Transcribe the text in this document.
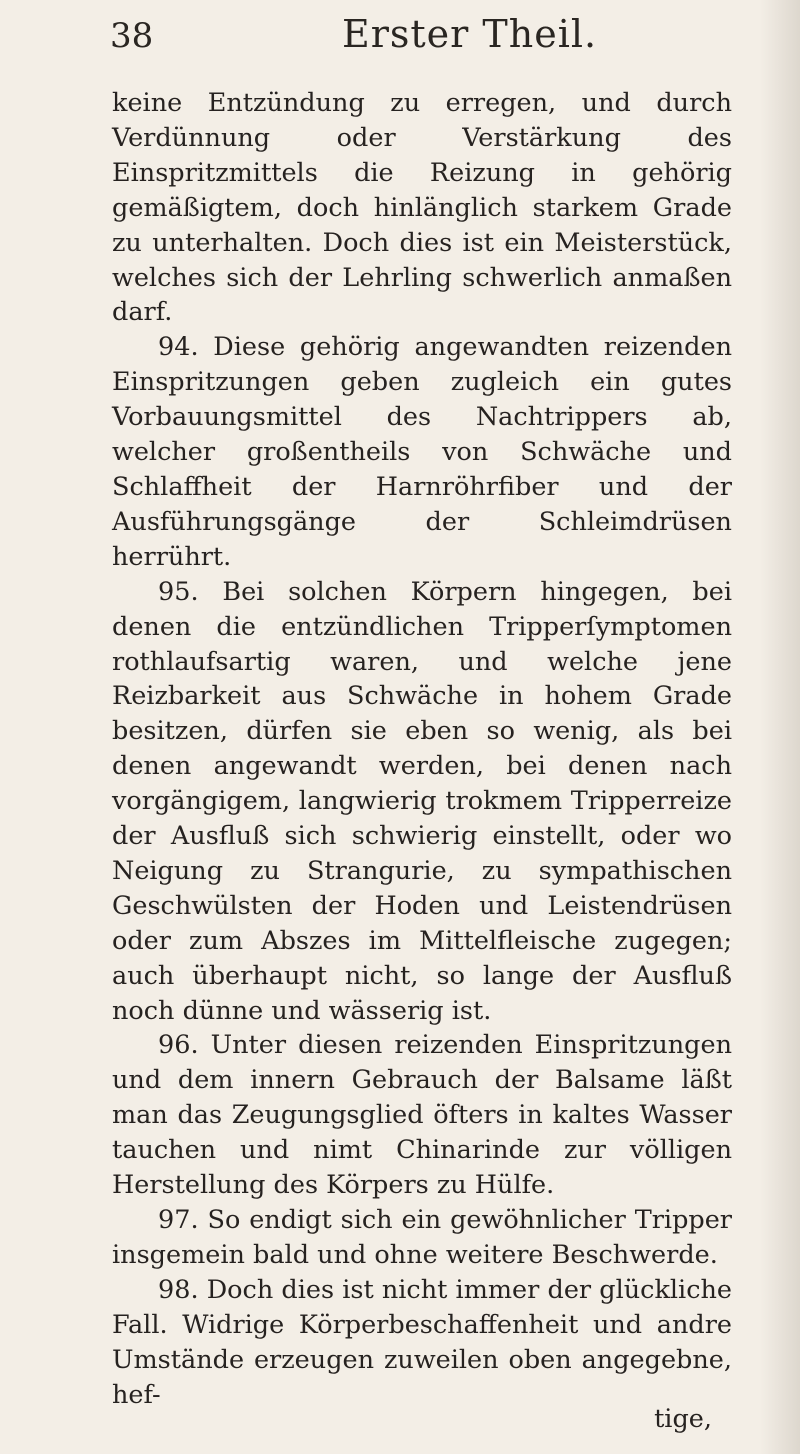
38	Erster Theil.

keine Entzündung zu erregen, und durch Verdünnung oder Verstärkung des Einspritzmittels die Reizung in gehörig gemäßigtem, doch hinlänglich starkem Grade zu unterhalten. Doch dies ist ein Meisterstück, welches sich der Lehrling schwerlich anmaßen darf.

94. Diese gehörig angewandten reizenden Einspritzungen geben zugleich ein gutes Vorbauungsmittel des Nachtrippers ab, welcher großentheils von Schwäche und Schlaffheit der Harnröhrfiber und der Ausführungsgänge der Schleimdrüsen herrührt.

95. Bei solchen Körpern hingegen, bei denen die entzündlichen Tripperſymptomen rothlaufsartig waren, und welche jene Reizbarkeit aus Schwäche in hohem Grade besitzen, dürfen sie eben so wenig, als bei denen angewandt werden, bei denen nach vorgängigem, langwierig trokmem Tripperreize der Ausfluß sich schwierig einstellt, oder wo Neigung zu Strangurie, zu sympathischen Geschwülsten der Hoden und Leistendrüsen oder zum Abszes im Mittelfleische zugegen; auch überhaupt nicht, so lange der Ausfluß noch dünne und wässerig ist.

96. Unter diesen reizenden Einspritzungen und dem innern Gebrauch der Balsame läßt man das Zeugungsglied öfters in kaltes Wasser tauchen und nimt Chinarinde zur völligen Herstellung des Körpers zu Hülfe.

97. So endigt sich ein gewöhnlicher Tripper insgemein bald und ohne weitere Beschwerde.

98. Doch dies ist nicht immer der glückliche Fall. Widrige Körperbeschaffenheit und andre Umstände erzeugen zuweilen oben angegebne, hef-

tige,
